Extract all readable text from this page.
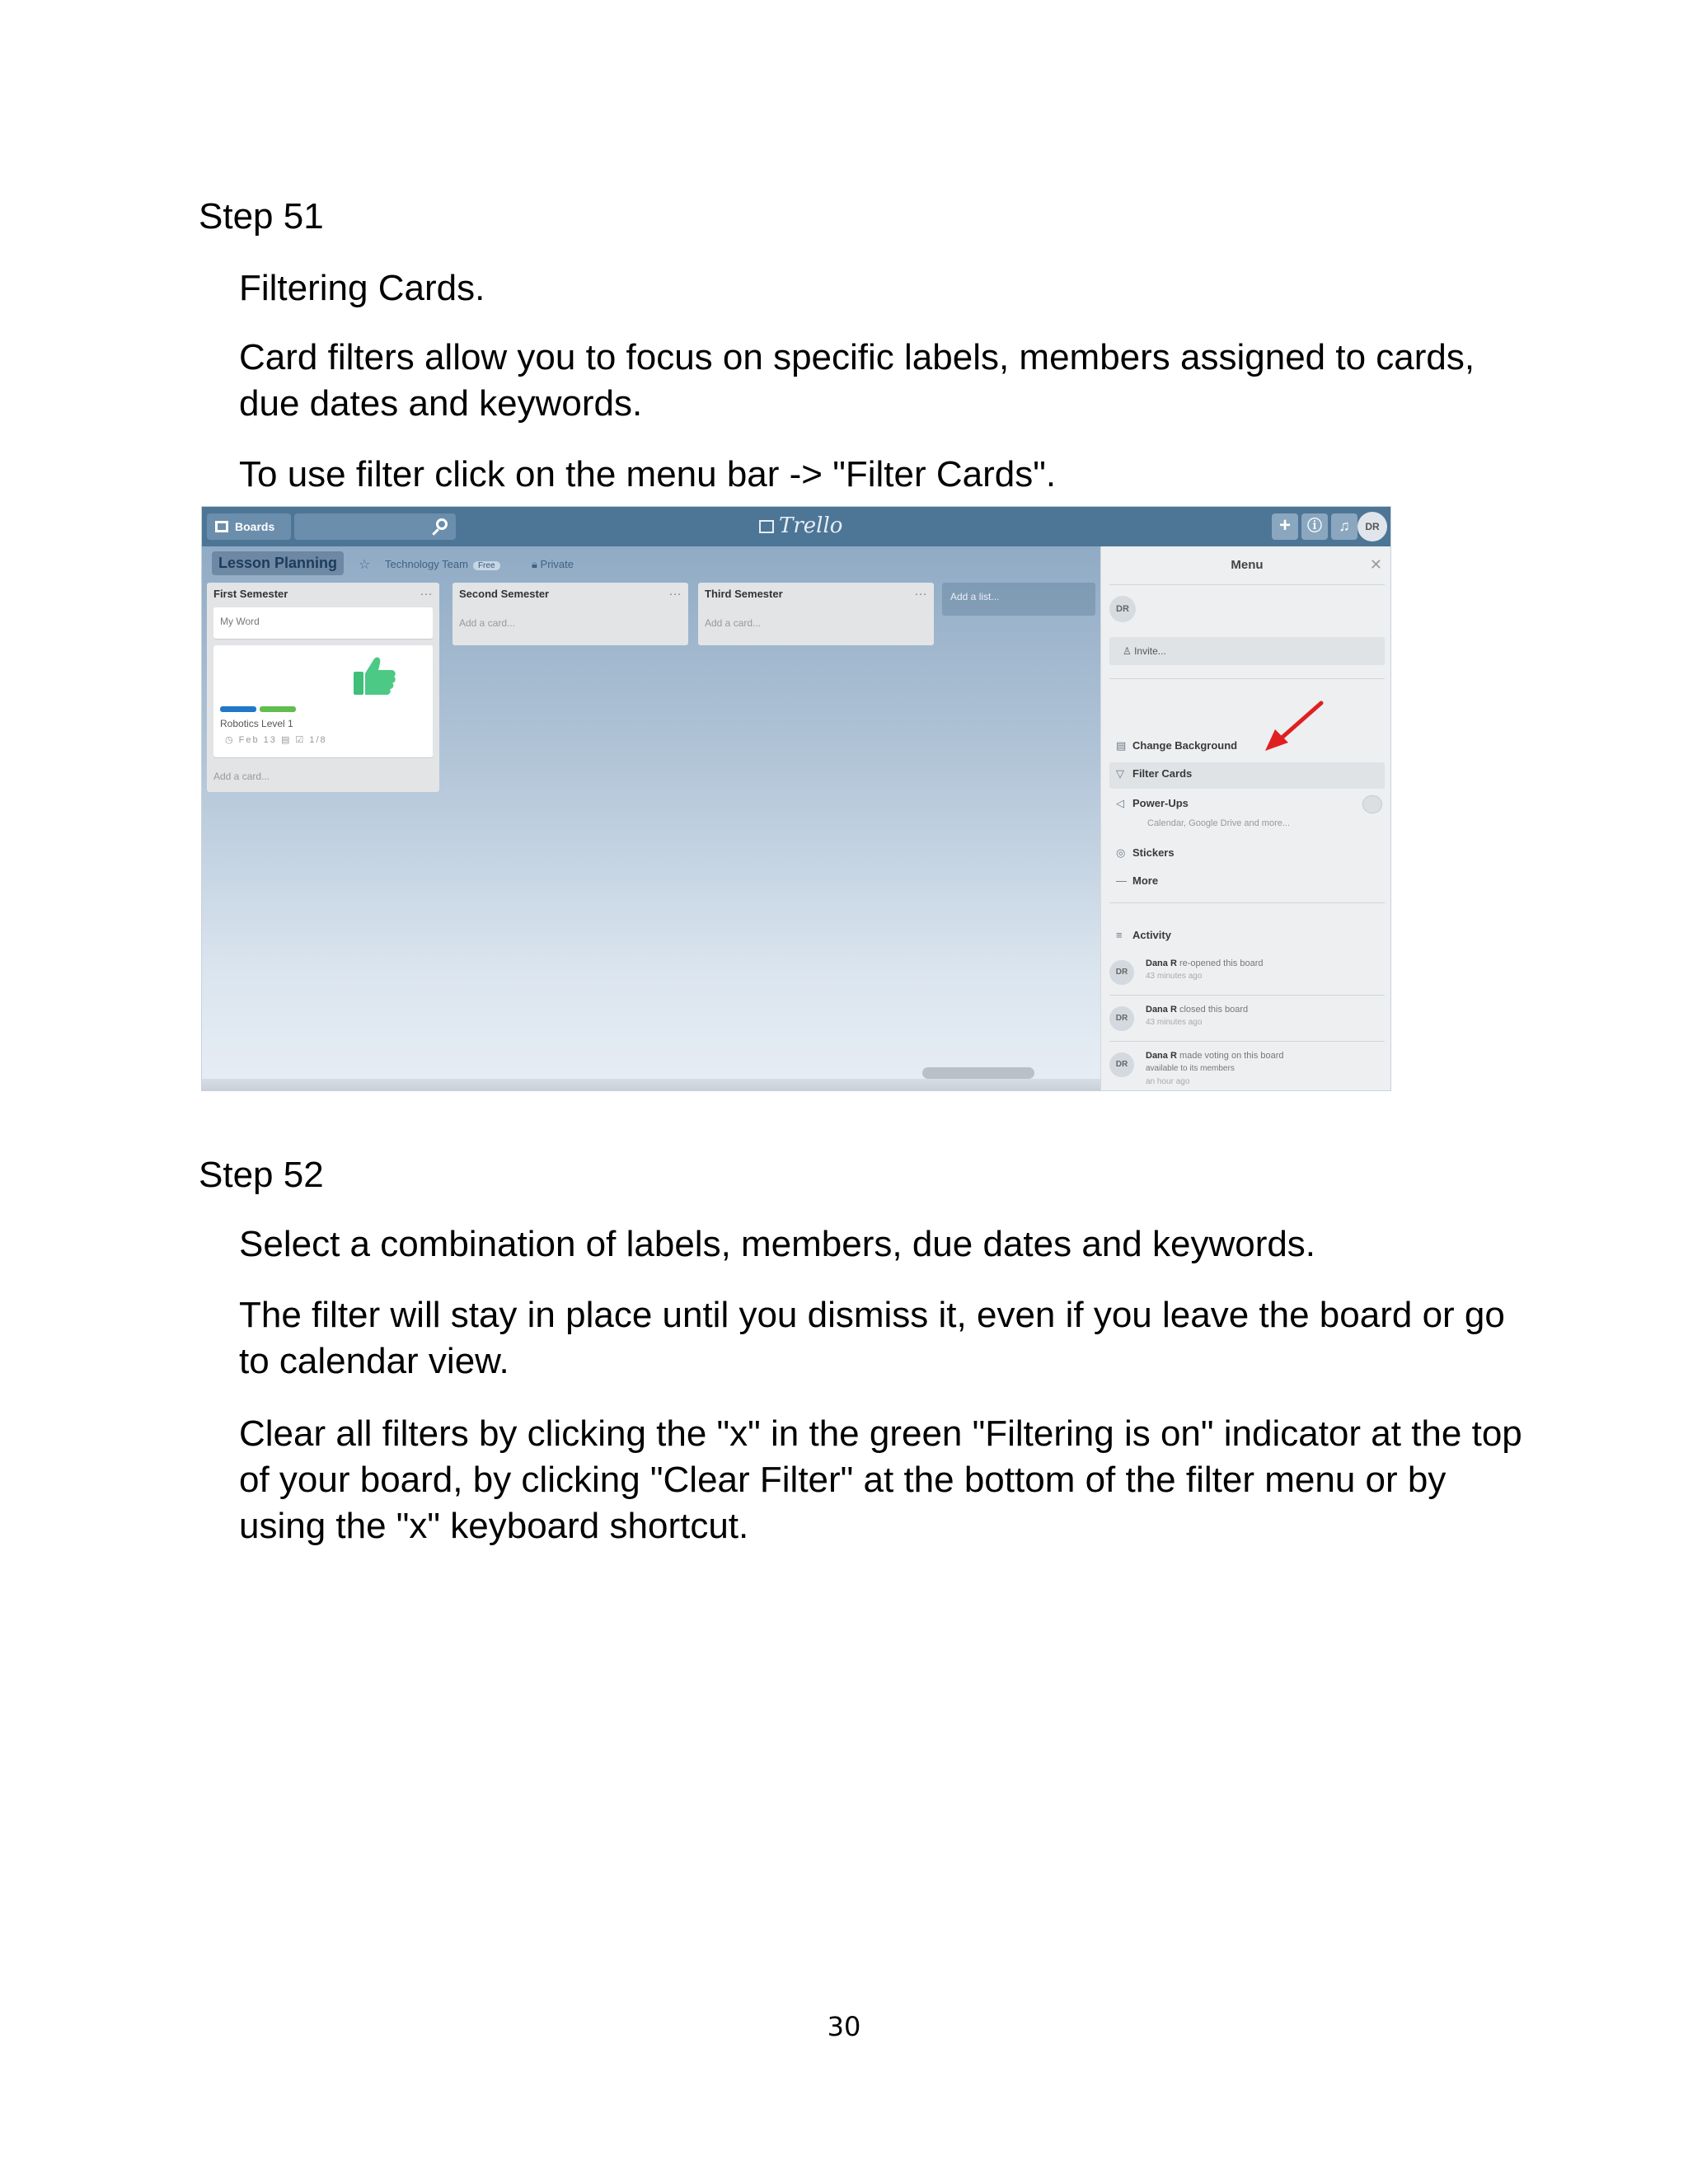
Step 51
Filtering Cards.
Card filters allow you to focus on specific labels, members assigned to cards, due dates and keywords.
To use filter click on the menu bar -> "Filter Cards".
Boards	Trello	+	ⓘ	♫	DR
Lesson Planning	☆ Technology Team Free	🔒︎ Private
First Semester	…
My Word
Robotics Level 1
◷ Feb 13 ▤ ☑ 1/8
Add a card...
Second Semester	…
Add a card...
Third Semester	…
Add a card...
Add a list...
Menu	✕
DR
♙ Invite...
▤ Change Background
▽ Filter Cards
◁ Power-Ups
Calendar, Google Drive and more...
◎ Stickers
— More
≡ Activity
DR
Dana R re-opened this board
43 minutes ago
DR
Dana R closed this board
43 minutes ago
DR
Dana R made voting on this board
available to its members
an hour ago
Step 52
Select a combination of labels, members, due dates and keywords.
The filter will stay in place until you dismiss it, even if you leave the board or go to calendar view.
Clear all filters by clicking the "x" in the green "Filtering is on" indicator at the top of your board, by clicking "Clear Filter" at the bottom of the filter menu or by using the "x" keyboard shortcut.
30
